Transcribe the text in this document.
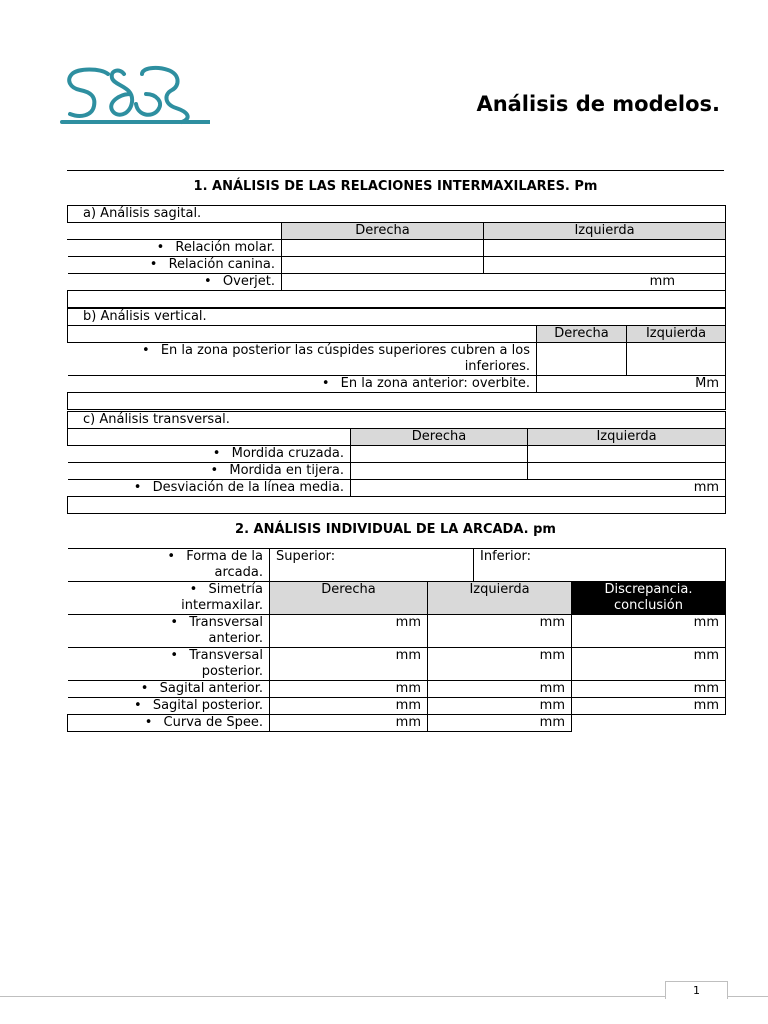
Análisis de modelos.
1. ANÁLISIS DE LAS RELACIONES INTERMAXILARES. Pm
a) Análisis sagital.		
	Derecha	Izquierda
• Relación molar.		
• Relación canina.		
• Overjet.	mm	

b) Análisis vertical.		
	Derecha	Izquierda

• En la zona posterior las cúspides superiores cubren a los
inferiores.		

• En la zona anterior: overbite.	Mm	

c) Análisis transversal.		
	Derecha	Izquierda
• Mordida cruzada.		
• Mordida en tijera.		
• Desviación de la línea media.	mm	

2. ANÁLISIS INDIVIDUAL DE LA ARCADA. pm
• Forma de la
arcada.	Superior:		Inferior:	

• Simetría
intermaxilar.	Derecha	Izquierda		Discrepancia. conclusión

• Transversal
anterior.	mm	mm		mm

• Transversal
posterior.	mm	mm		mm
• Sagital anterior.	mm	mm		mm
• Sagital posterior.	mm	mm		mm
• Curva de Spee.	mm	mm		
1
